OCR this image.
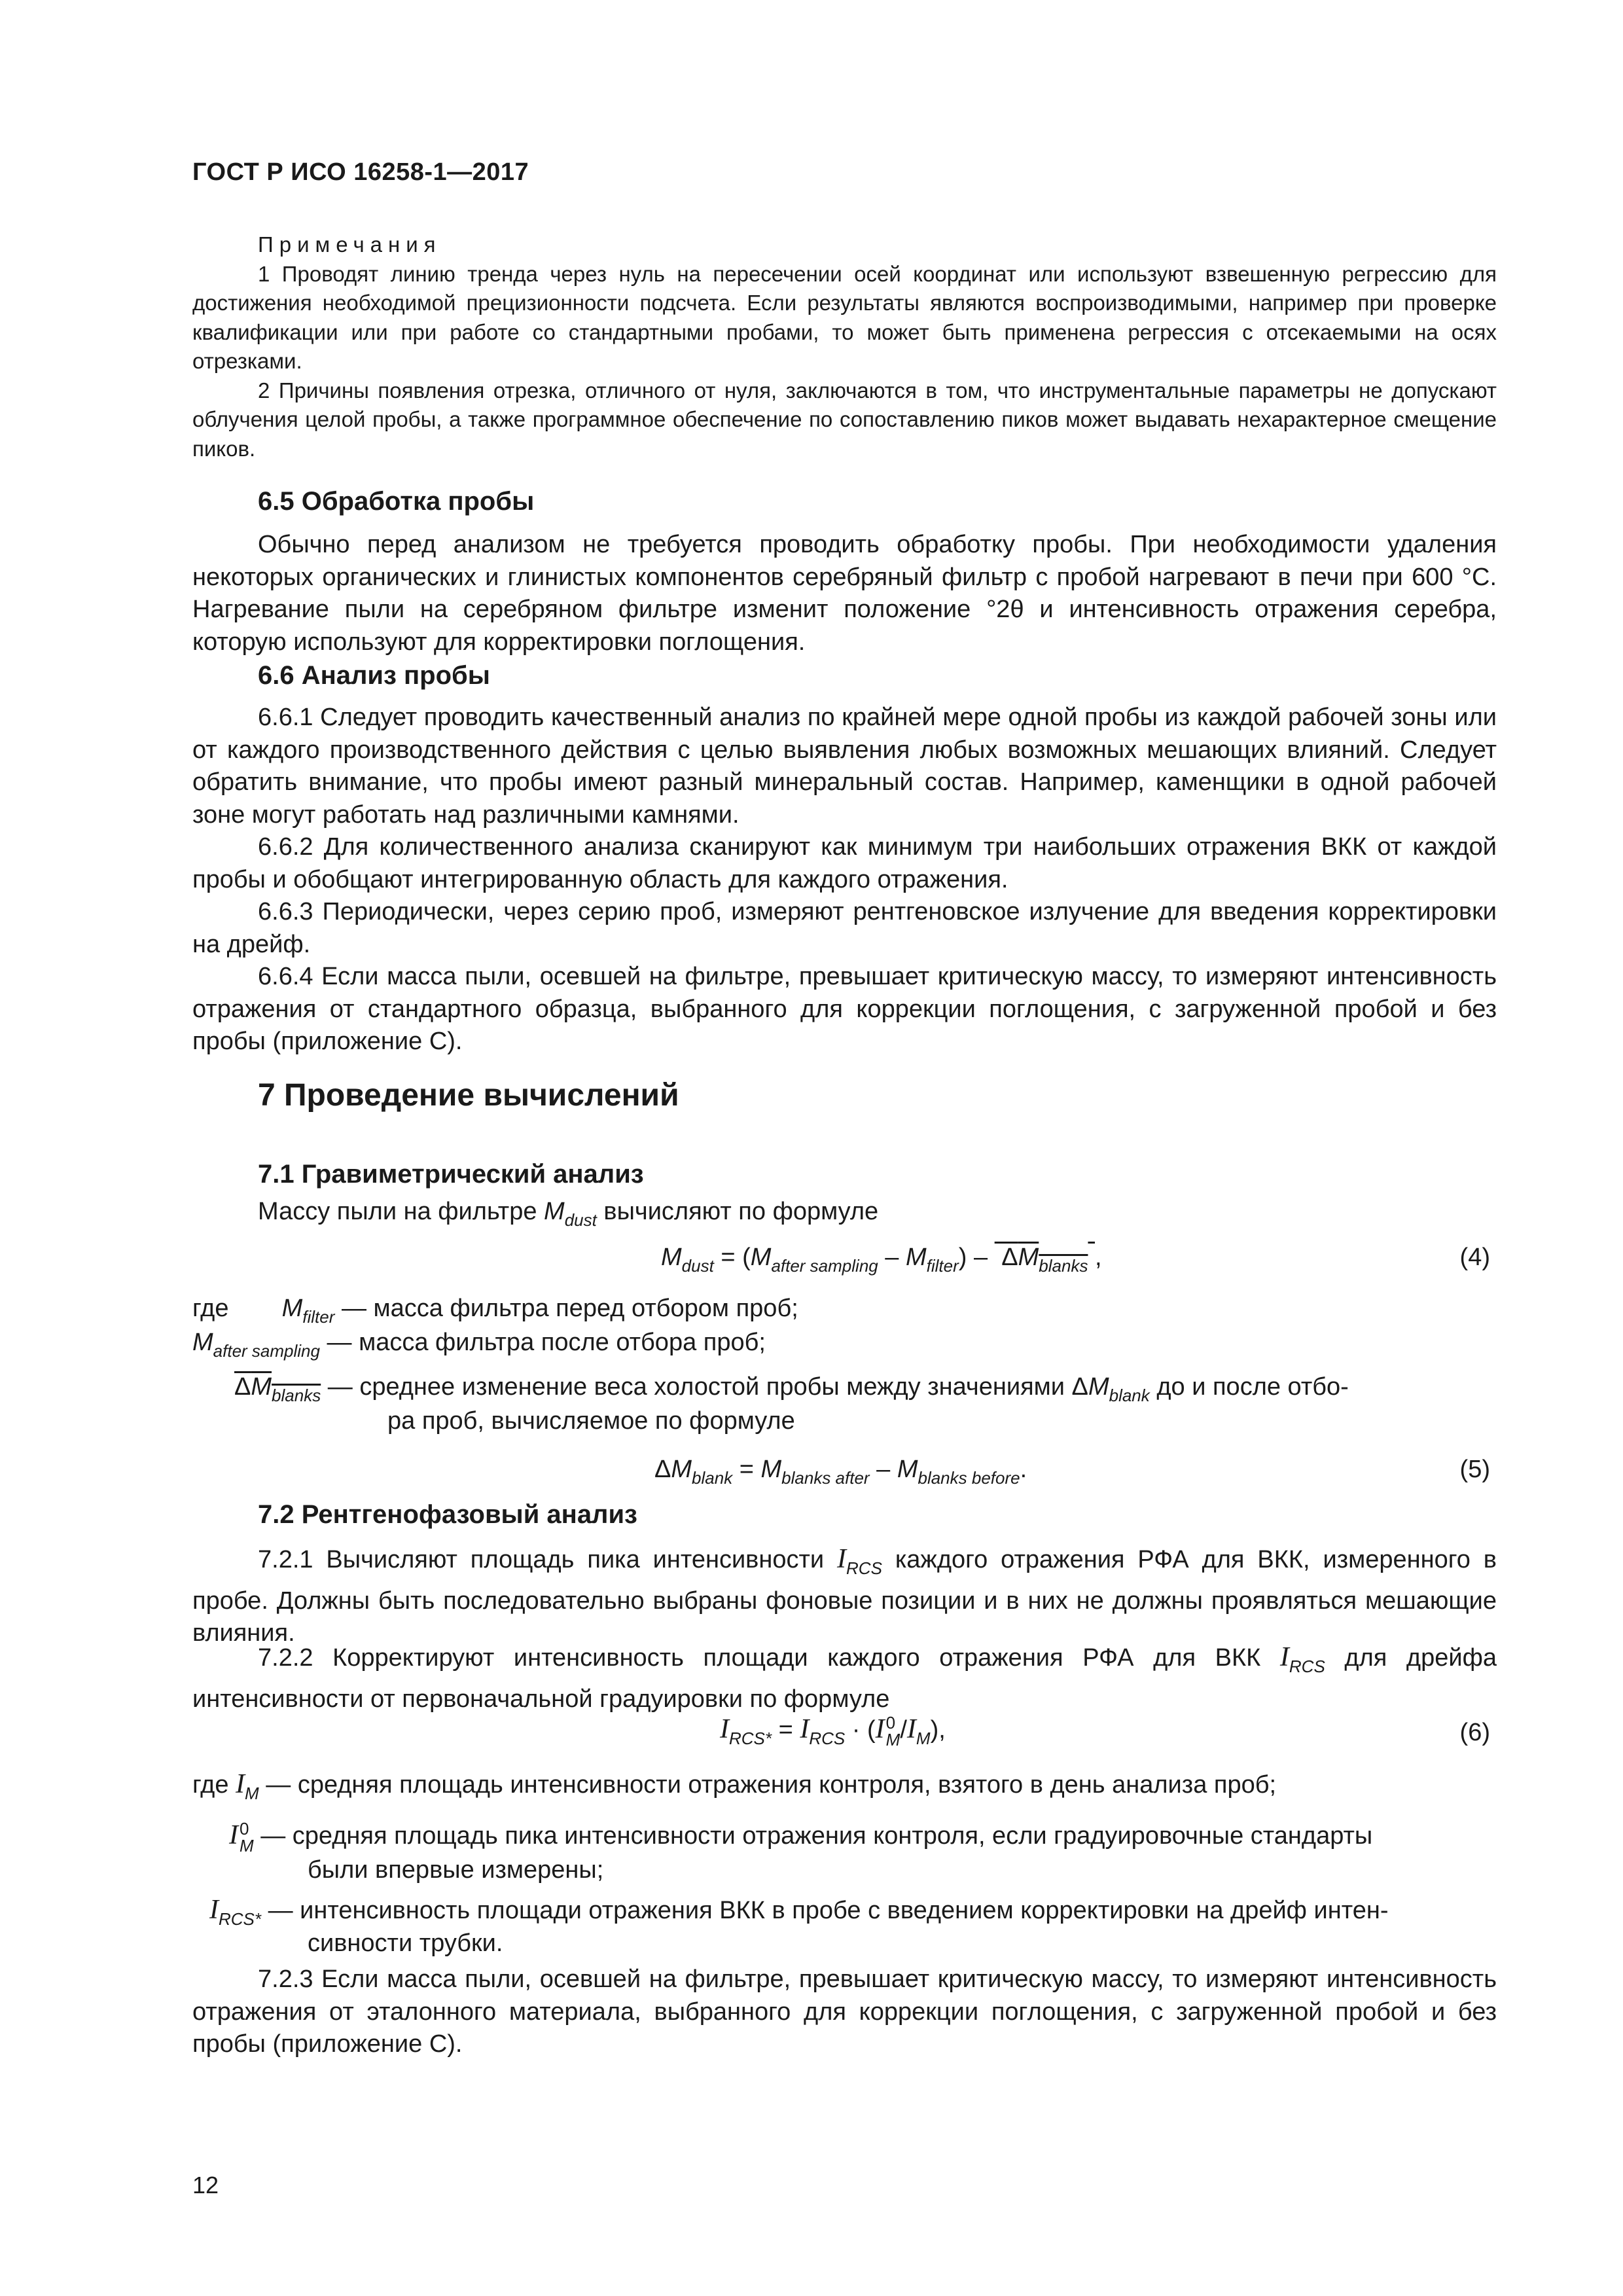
ГОСТ Р ИСО 16258-1—2017

Примечания

1 Проводят линию тренда через нуль на пересечении осей координат или используют взвешенную регрессию для достижения необходимой прецизионности подсчета. Если результаты являются воспроизводимыми, например при проверке квалификации или при работе со стандартными пробами, то может быть применена регрессия с отсекаемыми на осях отрезками.

2 Причины появления отрезка, отличного от нуля, заключаются в том, что инструментальные параметры не допускают облучения целой пробы, а также программное обеспечение по сопоставлению пиков может выдавать нехарактерное смещение пиков.

6.5 Обработка пробы
Обычно перед анализом не требуется проводить обработку пробы. При необходимости удаления некоторых органических и глинистых компонентов серебряный фильтр с пробой нагревают в печи при 600 °С. Нагревание пыли на серебряном фильтре изменит положение °2θ и интенсивность отражения серебра, которую используют для корректировки поглощения.
6.6 Анализ пробы

6.6.1 Следует проводить качественный анализ по крайней мере одной пробы из каждой рабочей зоны или от каждого производственного действия с целью выявления любых возможных мешающих влияний. Следует обратить внимание, что пробы имеют разный минеральный состав. Например, каменщики в одной рабочей зоне могут работать над различными камнями.

6.6.2 Для количественного анализа сканируют как минимум три наибольших отражения ВКК от каждой пробы и обобщают интегрированную область для каждого отражения.

6.6.3 Периодически, через серию проб, измеряют рентгеновское излучение для введения корректировки на дрейф.

6.6.4 Если масса пыли, осевшей на фильтре, превышает критическую массу, то измеряют интенсивность отражения от стандартного образца, выбранного для коррекции поглощения, с загруженной пробой и без пробы (приложение С).

7 Проведение вычислений
7.1 Гравиметрический анализ
Массу пыли на фильтре $M_{dust}$ вычисляют по формуле
$M_{dust} = (M_{after sampling} - M_{filter}) - \Delta M_{blanks}$ ,	(4)
где $M_{filter}$ — масса фильтра перед отбором проб;
$M_{after sampling}$ — масса фильтра после отбора проб;
$\Delta M_{blanks}$ — среднее изменение веса холостой пробы между значениями $\Delta M_{blank}$ до и после отбо-
ра проб, вычисляемое по формуле
$\Delta M_{blank} = M_{blanks after} - M_{blanks before}$.	(5)
7.2 Рентгенофазовый анализ

7.2.1 Вычисляют площадь пика интенсивности $I_{RCS}$ каждого отражения РФА для ВКК, измеренного в пробе. Должны быть последовательно выбраны фоновые позиции и в них не должны проявляться мешающие влияния.

7.2.2 Корректируют интенсивность площади каждого отражения РФА для ВКК $I_{RCS}$ для дрейфа интенсивности от первоначальной градуировки по формуле

$I_{RCS*} = I_{RCS} \cdot (I$ 0
M $/I_M$),	(6)
где $I_M$ — средняя площадь интенсивности отражения контроля, взятого в день анализа проб;
I 0
M — средняя площадь пика интенсивности отражения контроля, если градуировочные стандарты
были впервые измерены;
$I_{RCS*}$ — интенсивность площади отражения ВКК в пробе с введением корректировки на дрейф интен-
сивности трубки.
7.2.3 Если масса пыли, осевшей на фильтре, превышает критическую массу, то измеряют интенсивность отражения от эталонного материала, выбранного для коррекции поглощения, с загруженной пробой и без пробы (приложение С).
12
